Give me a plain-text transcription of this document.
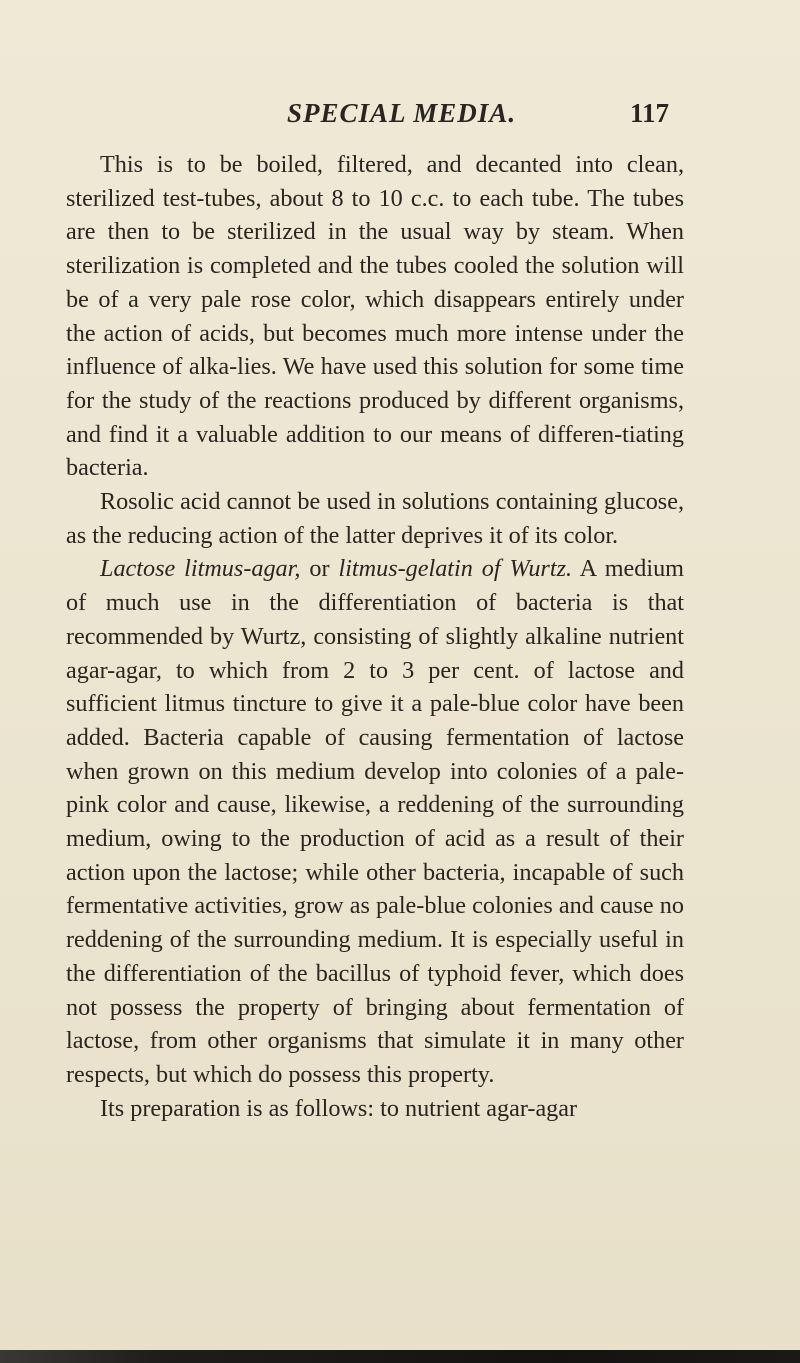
SPECIAL MEDIA.	117

This is to be boiled, filtered, and decanted into clean, sterilized test-tubes, about 8 to 10 c.c. to each tube. The tubes are then to be sterilized in the usual way by steam. When sterilization is completed and the tubes cooled the solution will be of a very pale rose color, which disappears entirely under the action of acids, but becomes much more intense under the influence of alka-lies. We have used this solution for some time for the study of the reactions produced by different organisms, and find it a valuable addition to our means of differen-tiating bacteria.

Rosolic acid cannot be used in solutions containing glucose, as the reducing action of the latter deprives it of its color.

Lactose litmus-agar, or litmus-gelatin of Wurtz. A medium of much use in the differentiation of bacteria is that recommended by Wurtz, consisting of slightly alkaline nutrient agar-agar, to which from 2 to 3 per cent. of lactose and sufficient litmus tincture to give it a pale-blue color have been added. Bacteria capable of causing fermentation of lactose when grown on this medium develop into colonies of a pale-pink color and cause, likewise, a reddening of the surrounding medium, owing to the production of acid as a result of their action upon the lactose; while other bacteria, incapable of such fermentative activities, grow as pale-blue colonies and cause no reddening of the surrounding medium. It is especially useful in the differentiation of the bacillus of typhoid fever, which does not possess the property of bringing about fermentation of lactose, from other organisms that simulate it in many other respects, but which do possess this property.

Its preparation is as follows: to nutrient agar-agar
